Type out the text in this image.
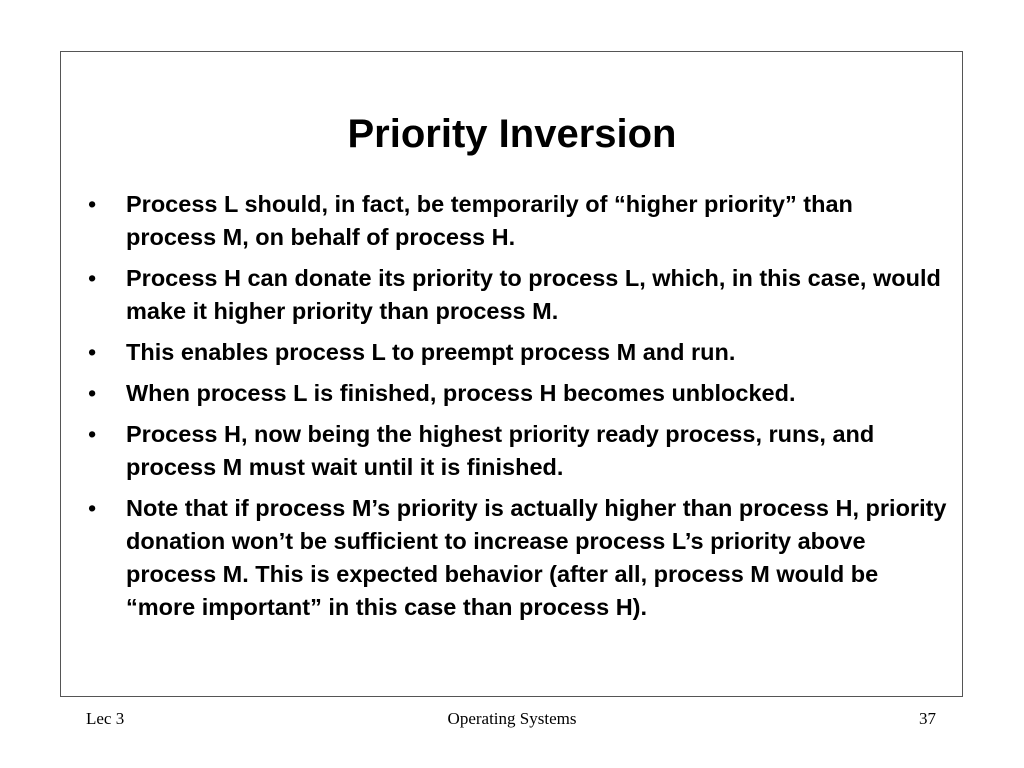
Priority Inversion
• Process L should, in fact, be temporarily of “higher priority” than process M, on behalf of process H.
• Process H can donate its priority to process L, which, in this case, would make it higher priority than process M.
• This enables process L to preempt process M and run.
• When process L is finished, process H becomes unblocked.
• Process H, now being the highest priority ready process, runs, and process M must wait until it is finished.
• Note that if process M’s priority is actually higher than process H, priority donation won’t be sufficient to increase process L’s priority above process M. This is expected behavior (after all, process M would be “more important” in this case than process H).
Lec 3	Operating Systems	37
